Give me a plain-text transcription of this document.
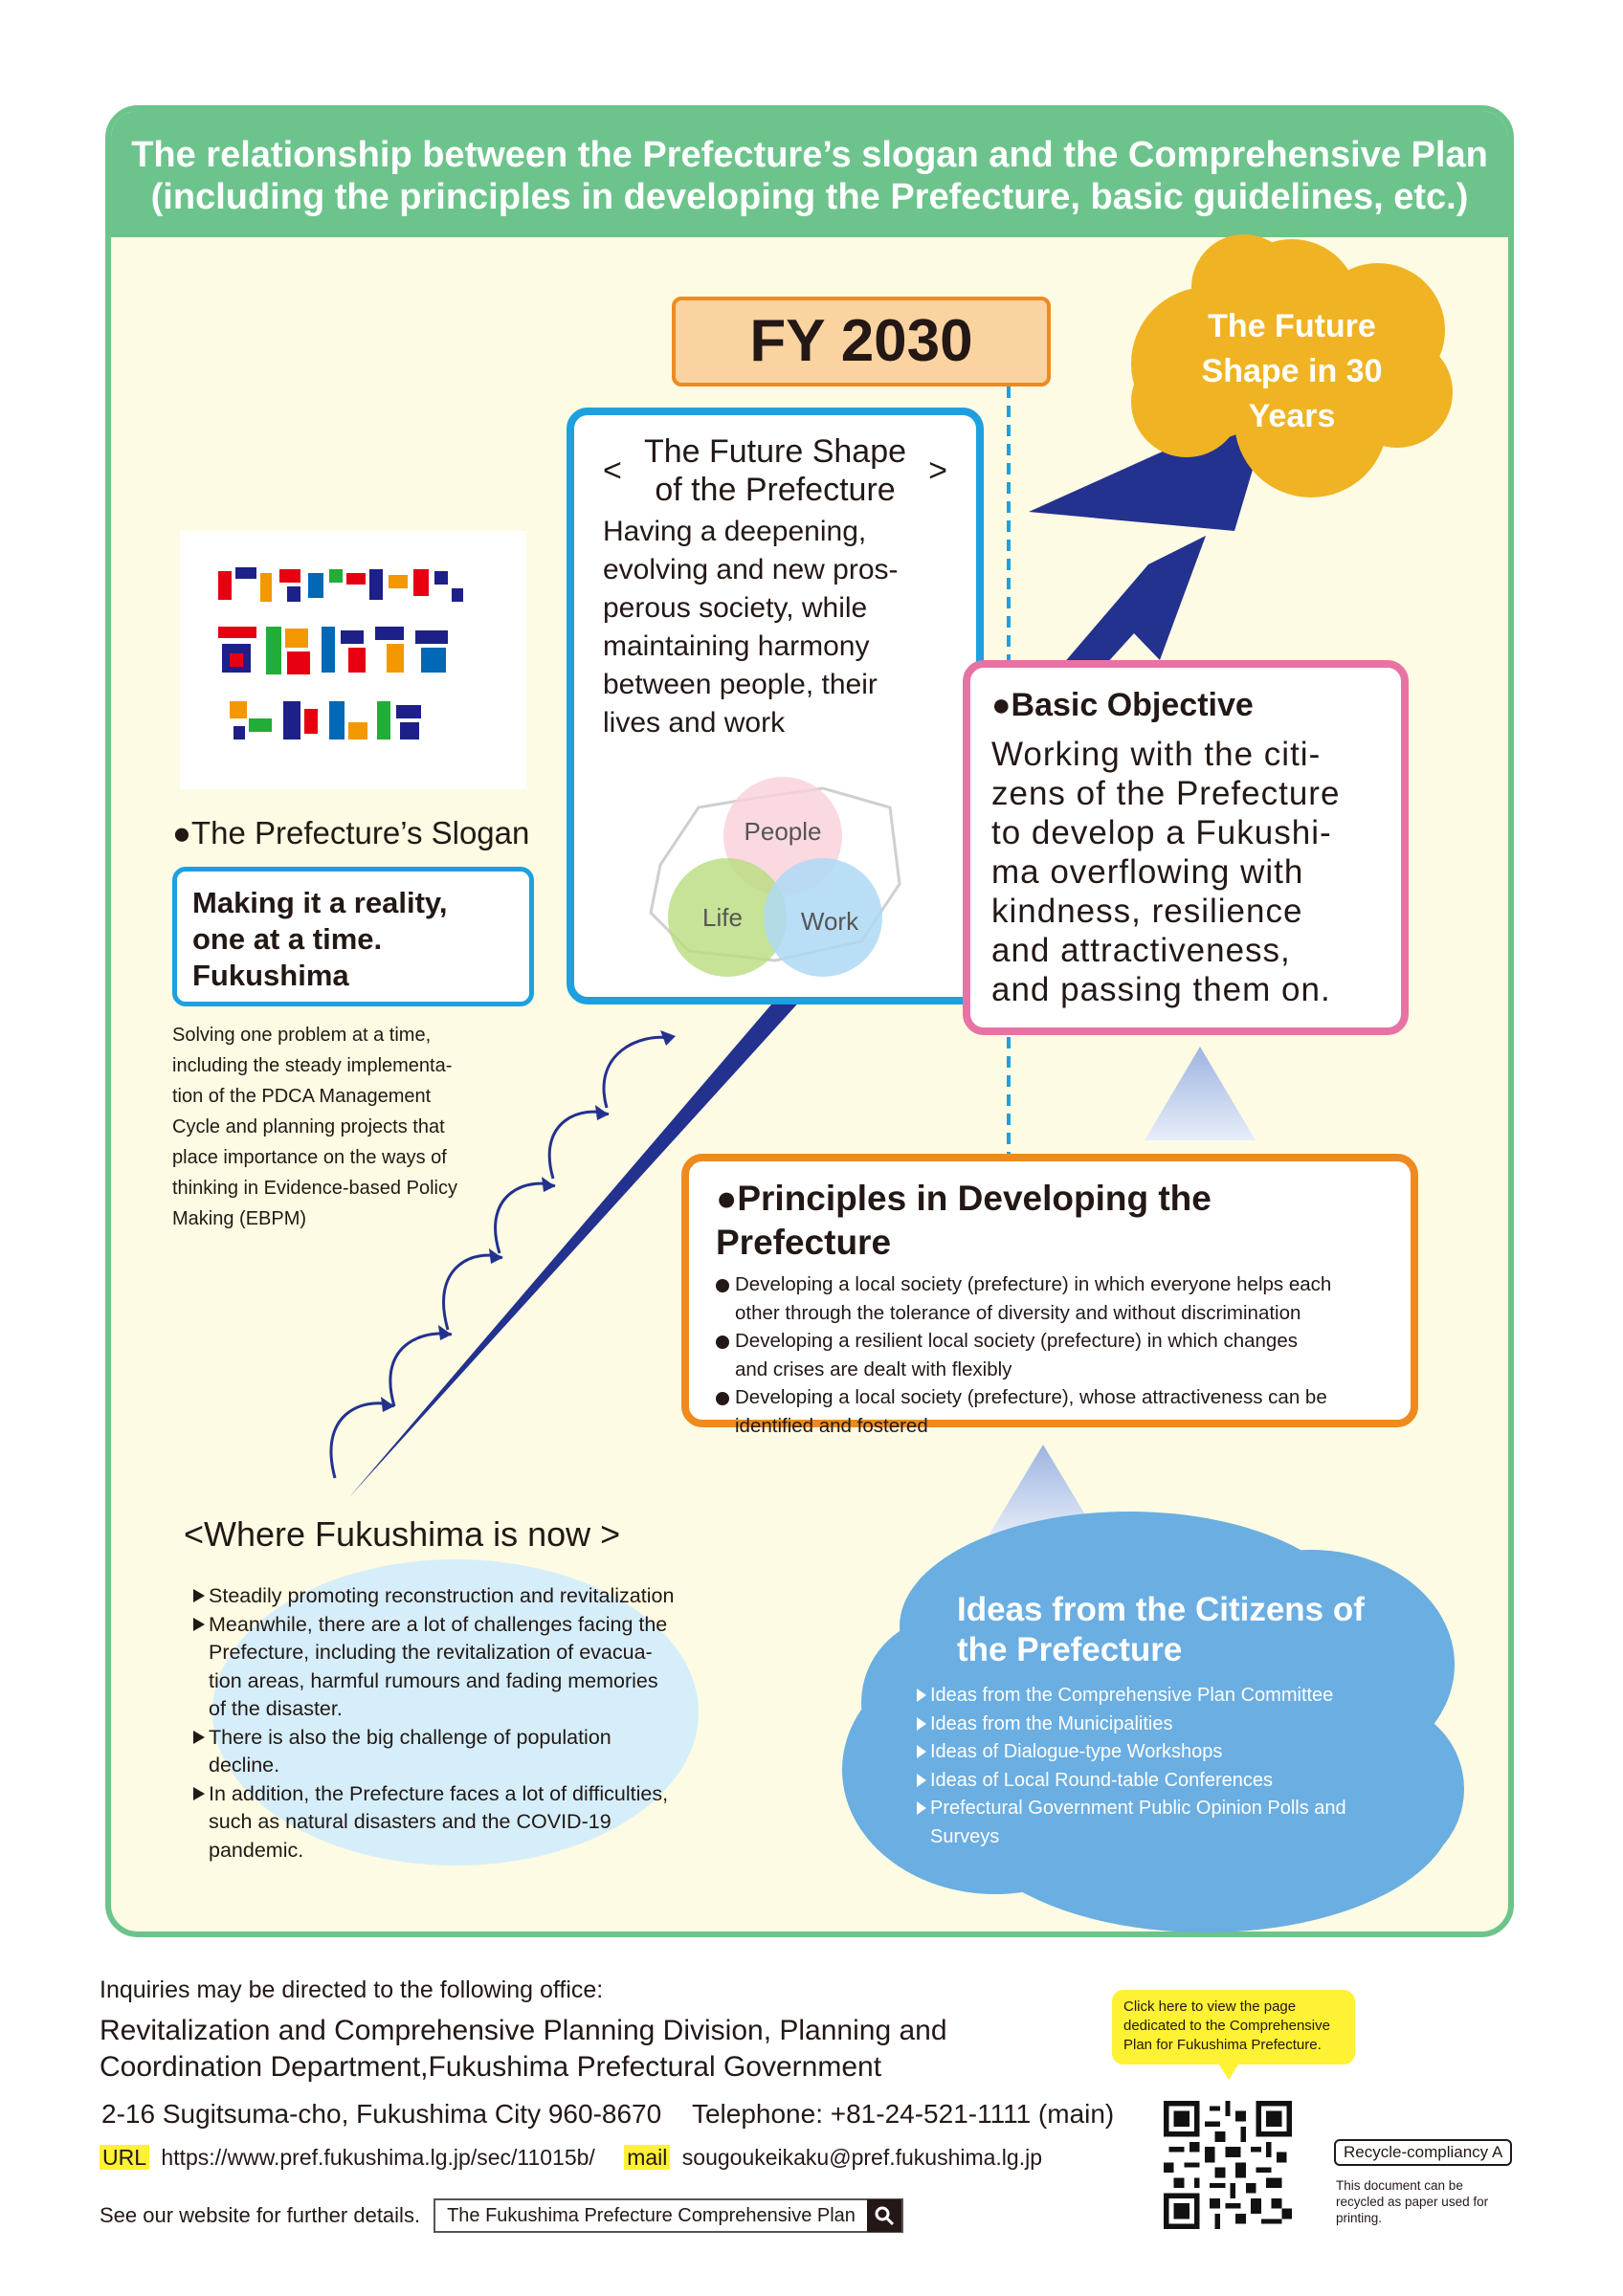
The relationship between the Prefecture’s slogan and the Comprehensive Plan
(including the principles in developing the Prefecture, basic guidelines, etc.)
FY 2030	The Future
Shape in 30
Years
<
The Future Shape
of the Prefecture
>
Having a deepening,
evolving and new pros-
perous society, while
maintaining harmony
between people, their
lives and work
People
Life Work
●Basic Objective
Working with the citi-
zens of the Prefecture
to develop a Fukushi-
ma overflowing with
kindness, resilience
and attractiveness,
and passing them on.
●The Prefecture’s Slogan
Making it a reality,
one at a time.
Fukushima
Solving one problem at a time,
including the steady implementa-
tion of the PDCA Management
Cycle and planning projects that
place importance on the ways of
thinking in Evidence-based Policy
Making (EBPM)
●Principles in Developing the Prefecture
Developing a local society (prefecture) in which everyone helps each
other through the tolerance of diversity and without discrimination
Developing a resilient local society (prefecture) in which changes
and crises are dealt with flexibly
Developing a local society (prefecture), whose attractiveness can be
identified and fostered
<Where Fukushima is now >
Steadily promoting reconstruction and revitalization
Meanwhile, there are a lot of challenges facing the
Prefecture, including the revitalization of evacua-
tion areas, harmful rumours and fading memories
of the disaster.
There is also the big challenge of population
decline.
In addition, the Prefecture faces a lot of difficulties,
such as natural disasters and the COVID-19
pandemic.
Ideas from the Citizens of
the Prefecture
Ideas from the Comprehensive Plan Committee
Ideas from the Municipalities
Ideas of Dialogue-type Workshops
Ideas of Local Round-table Conferences
Prefectural Government Public Opinion Polls and
Surveys
Inquiries may be directed to the following office:
Revitalization and Comprehensive Planning Division, Planning and
Coordination Department,Fukushima Prefectural Government
2-16 Sugitsuma-cho, Fukushima City 960-8670 Telephone: +81-24-521-1111 (main)
URL https://www.pref.fukushima.lg.jp/sec/11015b/ mail sougoukeikaku@pref.fukushima.lg.jp
See our website for further details.	The Fukushima Prefecture Comprehensive Plan
Click here to view the page
dedicated to the Comprehensive
Plan for Fukushima Prefecture.
Recycle-compliancy A
This document can be
recycled as paper used for
printing.
